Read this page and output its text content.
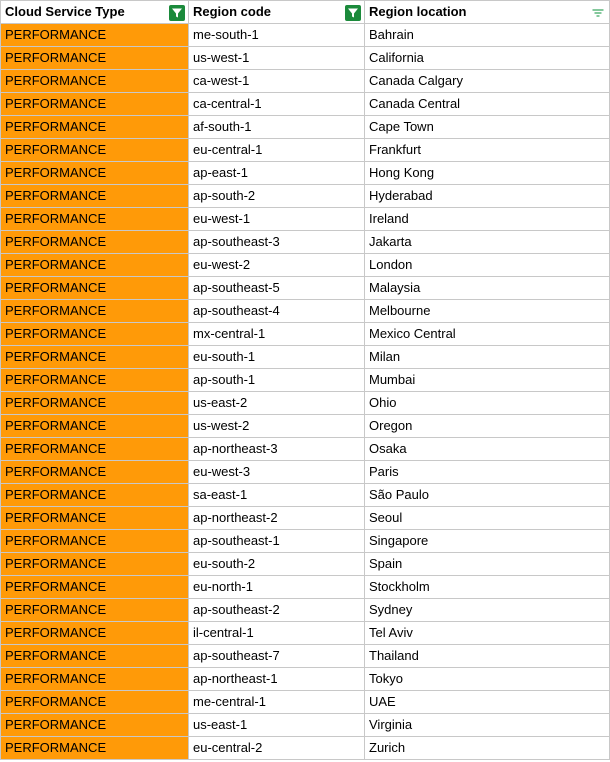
Cloud Service Type	Region code	Region location

PERFORMANCE	me-south-1	Bahrain
PERFORMANCE	us-west-1	California
PERFORMANCE	ca-west-1	Canada Calgary
PERFORMANCE	ca-central-1	Canada Central
PERFORMANCE	af-south-1	Cape Town
PERFORMANCE	eu-central-1	Frankfurt
PERFORMANCE	ap-east-1	Hong Kong
PERFORMANCE	ap-south-2	Hyderabad
PERFORMANCE	eu-west-1	Ireland
PERFORMANCE	ap-southeast-3	Jakarta
PERFORMANCE	eu-west-2	London
PERFORMANCE	ap-southeast-5	Malaysia
PERFORMANCE	ap-southeast-4	Melbourne
PERFORMANCE	mx-central-1	Mexico Central
PERFORMANCE	eu-south-1	Milan
PERFORMANCE	ap-south-1	Mumbai
PERFORMANCE	us-east-2	Ohio
PERFORMANCE	us-west-2	Oregon
PERFORMANCE	ap-northeast-3	Osaka
PERFORMANCE	eu-west-3	Paris
PERFORMANCE	sa-east-1	São Paulo
PERFORMANCE	ap-northeast-2	Seoul
PERFORMANCE	ap-southeast-1	Singapore
PERFORMANCE	eu-south-2	Spain
PERFORMANCE	eu-north-1	Stockholm
PERFORMANCE	ap-southeast-2	Sydney
PERFORMANCE	il-central-1	Tel Aviv
PERFORMANCE	ap-southeast-7	Thailand
PERFORMANCE	ap-northeast-1	Tokyo
PERFORMANCE	me-central-1	UAE
PERFORMANCE	us-east-1	Virginia
PERFORMANCE	eu-central-2	Zurich
